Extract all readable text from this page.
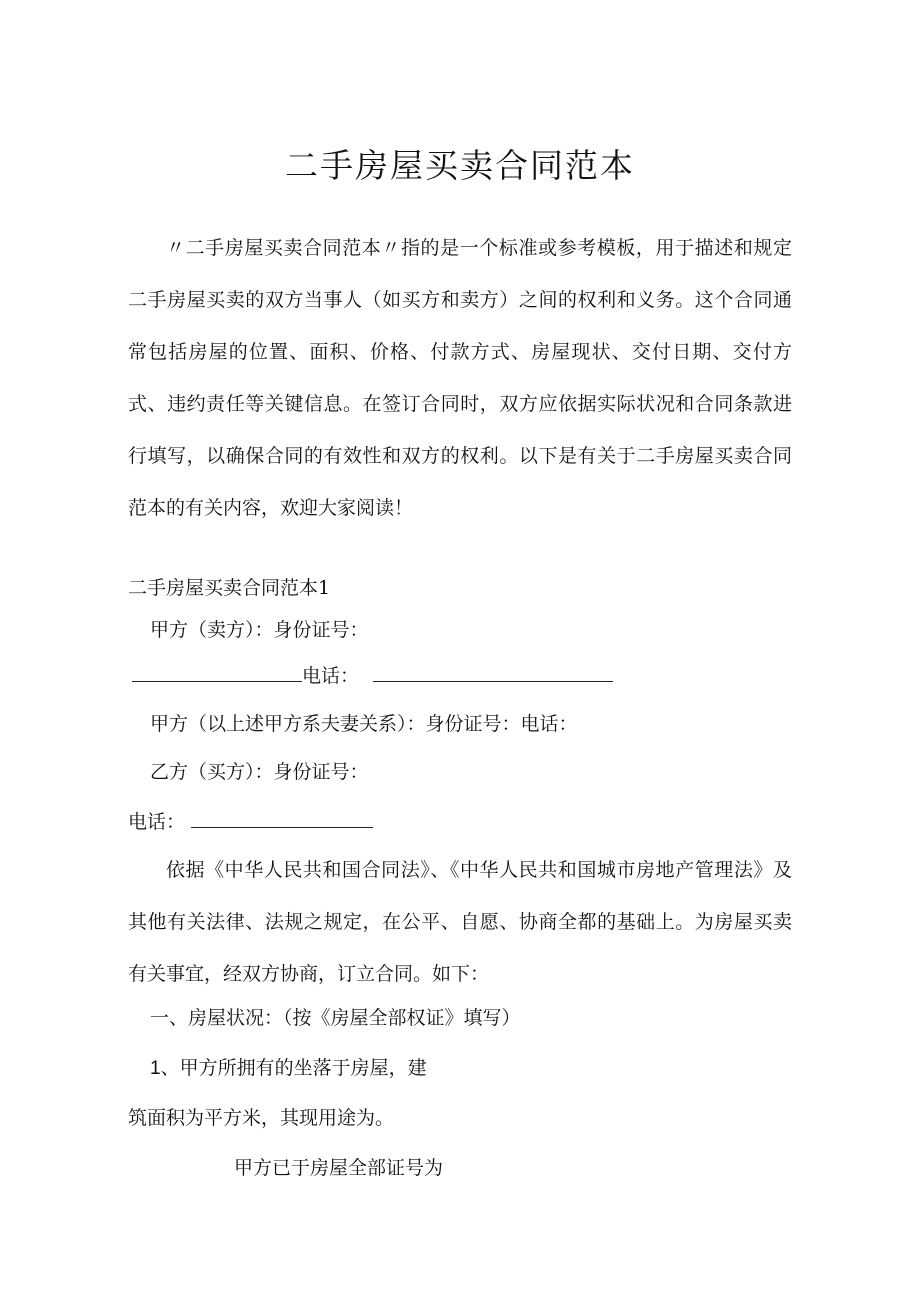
二手房屋买卖合同范本

〃二手房屋买卖合同范本〃指的是一个标准或参考模板，用于描述和规定二手房屋买卖的双方当事人（如买方和卖方）之间的权利和义务。这个合同通常包括房屋的位置、面积、价格、付款方式、房屋现状、交付日期、交付方式、违约责任等关键信息。在签订合同时，双方应依据实际状况和合同条款进行填写，以确保合同的有效性和双方的权利。以下是有关于二手房屋买卖合同范本的有关内容，欢迎大家阅读！

二手房屋买卖合同范本1

甲方（卖方）：身份证号：

电话：

甲方（以上述甲方系夫妻关系）：身份证号：电话：

乙方（买方）：身份证号：

电话：

依据《中华人民共和国合同法》、《中华人民共和国城市房地产管理法》及其他有关法律、法规之规定，在公平、自愿、协商全都的基础上。为房屋买卖有关事宜，经双方协商，订立合同。如下：

一、房屋状况：（按《房屋全部权证》填写）

1、甲方所拥有的坐落于房屋，建

筑面积为平方米，其现用途为。

甲方已于房屋全部证号为
